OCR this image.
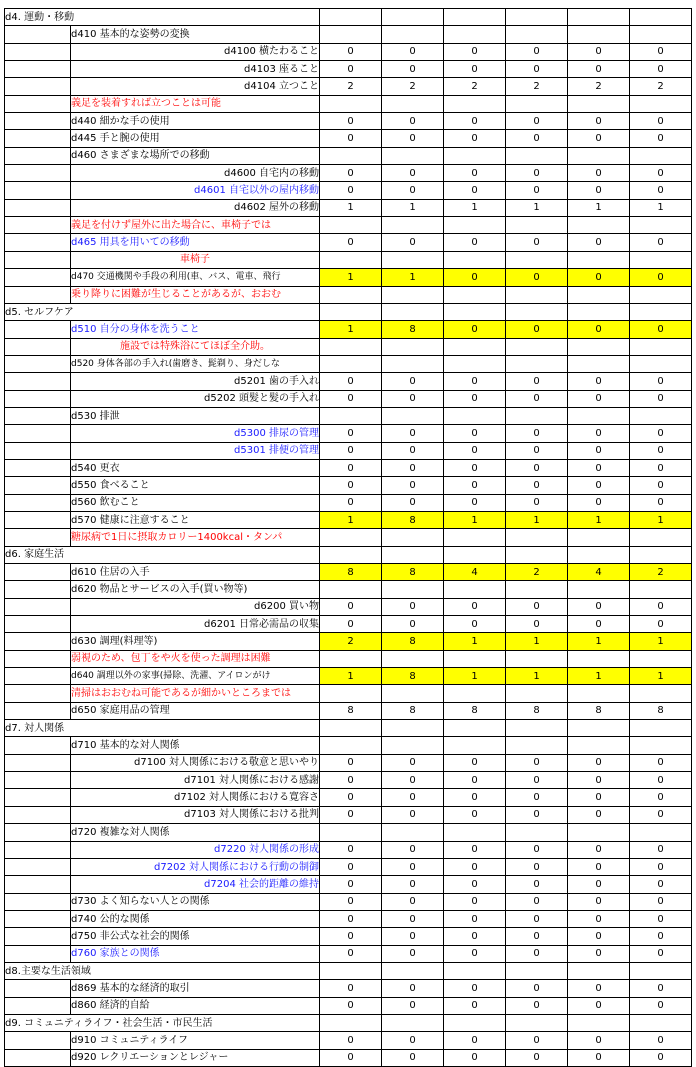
d4. 運動・移動							
	d410 基本的な姿勢の変換						
	d4100 横たわること	0	0	0	0	0	0
	d4103 座ること	0	0	0	0	0	0
	d4104 立つこと	2	2	2	2	2	2
	義足を装着すれば立つことは可能						
	d440 細かな手の使用	0	0	0	0	0	0
	d445 手と腕の使用	0	0	0	0	0	0
	d460 さまざまな場所での移動						
	d4600 自宅内の移動	0	0	0	0	0	0
	d4601 自宅以外の屋内移動	0	0	0	0	0	0
	d4602 屋外の移動	1	1	1	1	1	1
	義足を付けず屋外に出た場合に、車椅子では						
	d465 用具を用いての移動	0	0	0	0	0	0
	車椅子						
	d470 交通機関や手段の利用(車、バス、電車、飛行	1	1	0	0	0	0
	乗り降りに困難が生じることがあるが、おおむ						
d5. セルフケア							
	d510 自分の身体を洗うこと	1	8	0	0	0	0
	施設では特殊浴にてほぼ全介助。						
	d520 身体各部の手入れ(歯磨き、髭剃り、身だしな						
	d5201 歯の手入れ	0	0	0	0	0	0
	d5202 頭髪と髪の手入れ	0	0	0	0	0	0
	d530 排泄						
	d5300 排尿の管理	0	0	0	0	0	0
	d5301 排便の管理	0	0	0	0	0	0
	d540 更衣	0	0	0	0	0	0
	d550 食べること	0	0	0	0	0	0
	d560 飲むこと	0	0	0	0	0	0
	d570 健康に注意すること	1	8	1	1	1	1
	糖尿病で1日に摂取カロリー1400kcal・タンパ						
d6. 家庭生活							
	d610 住居の入手	8	8	4	2	4	2
	d620 物品とサービスの入手(買い物等)						
	d6200 買い物	0	0	0	0	0	0
	d6201 日常必需品の収集	0	0	0	0	0	0
	d630 調理(料理等)	2	8	1	1	1	1
	弱視のため、包丁をや火を使った調理は困難						
	d640 調理以外の家事(掃除、洗濯、アイロンがけ	1	8	1	1	1	1
	清掃はおおむね可能であるが細かいところまでは						
	d650 家庭用品の管理	8	8	8	8	8	8
d7. 対人関係							
	d710 基本的な対人関係						
	d7100 対人関係における敬意と思いやり	0	0	0	0	0	0
	d7101 対人関係における感謝	0	0	0	0	0	0
	d7102 対人関係における寛容さ	0	0	0	0	0	0
	d7103 対人関係における批判	0	0	0	0	0	0
	d720 複雑な対人関係						
	d7220 対人関係の形成	0	0	0	0	0	0
	d7202 対人関係における行動の制御	0	0	0	0	0	0
	d7204 社会的距離の維持	0	0	0	0	0	0
	d730 よく知らない人との関係	0	0	0	0	0	0
	d740 公的な関係	0	0	0	0	0	0
	d750 非公式な社会的関係	0	0	0	0	0	0
	d760 家族との関係	0	0	0	0	0	0
d8.主要な生活領域							
	d869 基本的な経済的取引	0	0	0	0	0	0
	d860 経済的自給	0	0	0	0	0	0
d9. コミュニティライフ・社会生活・市民生活							
	d910 コミュニティライフ	0	0	0	0	0	0
	d920 レクリエーションとレジャー	0	0	0	0	0	0
